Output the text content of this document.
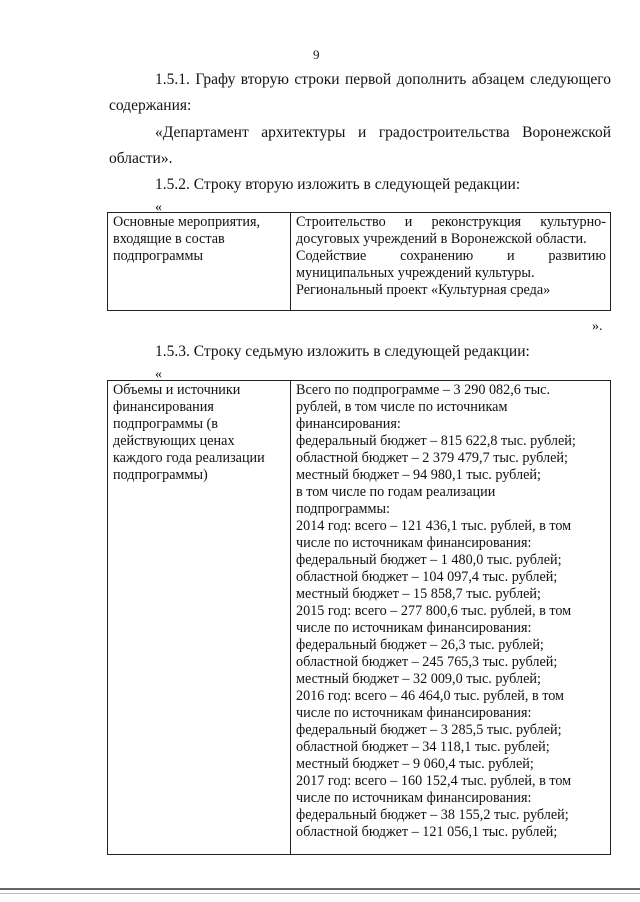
9
1.5.1. Графу вторую строки первой дополнить абзацем следующего
содержания:
«Департамент архитектуры и градостроительства Воронежской
области».
1.5.2. Строку вторую изложить в следующей редакции:
«
Основные мероприятия,
входящие в состав
подпрограммы

Строительство и реконструкция культурно-
досуговых учреждений в Воронежской области.
Содействие сохранению и развитию
муниципальных учреждений культуры.
Региональный проект «Культурная среда»
».
1.5.3. Строку седьмую изложить в следующей редакции:
«
Объемы и источники
финансирования
подпрограммы (в
действующих ценах
каждого года реализации
подпрограммы)

Всего по подпрограмме – 3 290 082,6 тыс.
рублей, в том числе по источникам
финансирования:
федеральный бюджет – 815 622,8 тыс. рублей;
областной бюджет – 2 379 479,7 тыс. рублей;
местный бюджет – 94 980,1 тыс. рублей;
в том числе по годам реализации
подпрограммы:
2014 год: всего – 121 436,1 тыс. рублей, в том
числе по источникам финансирования:
федеральный бюджет – 1 480,0 тыс. рублей;
областной бюджет – 104 097,4 тыс. рублей;
местный бюджет – 15 858,7 тыс. рублей;
2015 год: всего – 277 800,6 тыс. рублей, в том
числе по источникам финансирования:
федеральный бюджет – 26,3 тыс. рублей;
областной бюджет – 245 765,3 тыс. рублей;
местный бюджет – 32 009,0 тыс. рублей;
2016 год: всего – 46 464,0 тыс. рублей, в том
числе по источникам финансирования:
федеральный бюджет – 3 285,5 тыс. рублей;
областной бюджет – 34 118,1 тыс. рублей;
местный бюджет – 9 060,4 тыс. рублей;
2017 год: всего – 160 152,4 тыс. рублей, в том
числе по источникам финансирования:
федеральный бюджет – 38 155,2 тыс. рублей;
областной бюджет – 121 056,1 тыс. рублей;
